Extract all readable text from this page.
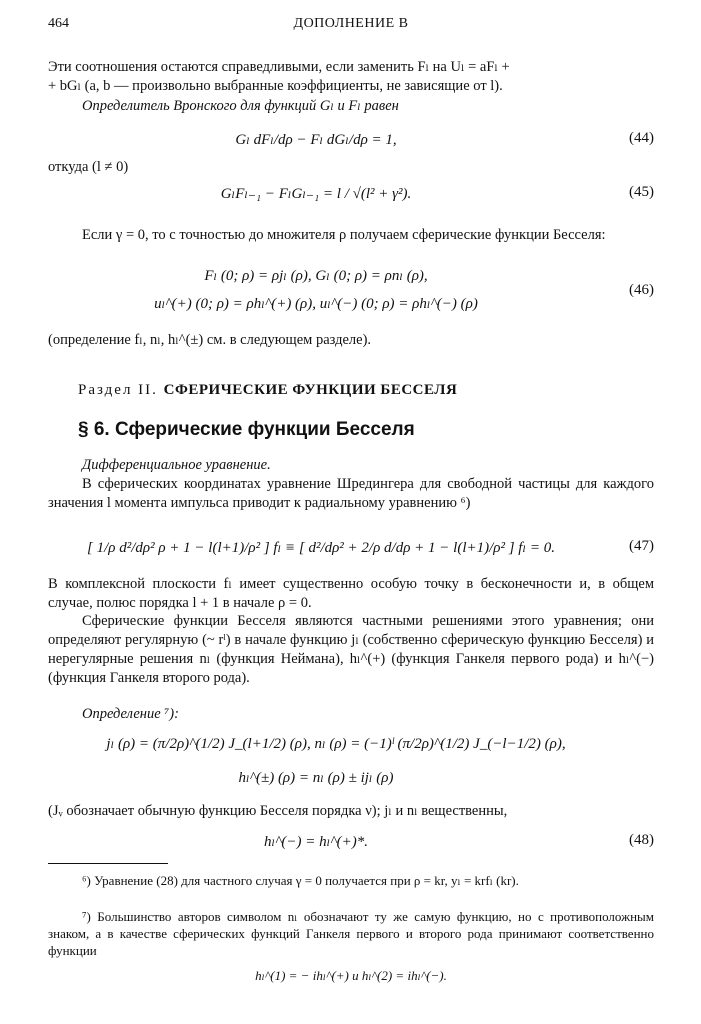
464	ДОПОЛНЕНИЕ В
Эти соотношения остаются справедливыми, если заменить Fₗ на Uₗ = aFₗ +
+ bGₗ (a, b — произвольно выбранные коэффициенты, не зависящие от l).
Определитель Вронского для функций Gₗ и Fₗ равен
Gₗ dFₗ/dρ − Fₗ dGₗ/dρ = 1,	(44)
откуда (l ≠ 0)
GₗFₗ₋₁ − FₗGₗ₋₁ = l / √(l² + γ²).	(45)
Если γ = 0, то с точностью до множителя ρ получаем сферические функции Бесселя:
Fₗ (0; ρ) = ρjₗ (ρ), Gₗ (0; ρ) = ρnₗ (ρ),
uₗ^(+) (0; ρ) = ρhₗ^(+) (ρ), uₗ^(−) (0; ρ) = ρhₗ^(−) (ρ)
(46)
(определение fₗ, nₗ, hₗ^(±) см. в следующем разделе).
Раздел II. СФЕРИЧЕСКИЕ ФУНКЦИИ БЕССЕЛЯ
§ 6. Сферические функции Бесселя
Дифференциальное уравнение.
В сферических координатах уравнение Шредингера для свободной частицы для каждого значения l момента импульса приводит к радиальному уравнению ⁶)
[ 1/ρ d²/dρ² ρ + 1 − l(l+1)/ρ² ] fₗ ≡ [ d²/dρ² + 2/ρ d/dρ + 1 − l(l+1)/ρ² ] fₗ = 0.	(47)
В комплексной плоскости fₗ имеет существенно особую точку в бесконечности и, в общем случае, полюс порядка l + 1 в начале ρ = 0.
Сферические функции Бесселя являются частными решениями этого уравнения; они определяют регулярную (~ rˡ) в начале функцию jₗ (собственно сферическую функцию Бесселя) и нерегулярные решения nₗ (функция Неймана), hₗ^(+) (функция Ганкеля первого рода) и hₗ^(−) (функция Ганкеля второго рода).
Определение ⁷):
jₗ (ρ) = (π/2ρ)^(1/2) J_(l+1/2) (ρ), nₗ (ρ) = (−1)ˡ (π/2ρ)^(1/2) J_(−l−1/2) (ρ),
hₗ^(±) (ρ) = nₗ (ρ) ± ijₗ (ρ)
(Jᵥ обозначает обычную функцию Бесселя порядка ν); jₗ и nₗ вещественны,
hₗ^(−) = hₗ^(+)*.	(48)
⁶) Уравнение (28) для частного случая γ = 0 получается при ρ = kr, yₗ = krfₗ (kr).
⁷) Большинство авторов символом nₗ обозначают ту же самую функцию, но с противоположным знаком, а в качестве сферических функций Ганкеля первого и второго рода принимают соответственно функции
hₗ^(1) = − ihₗ^(+) и hₗ^(2) = ihₗ^(−).
